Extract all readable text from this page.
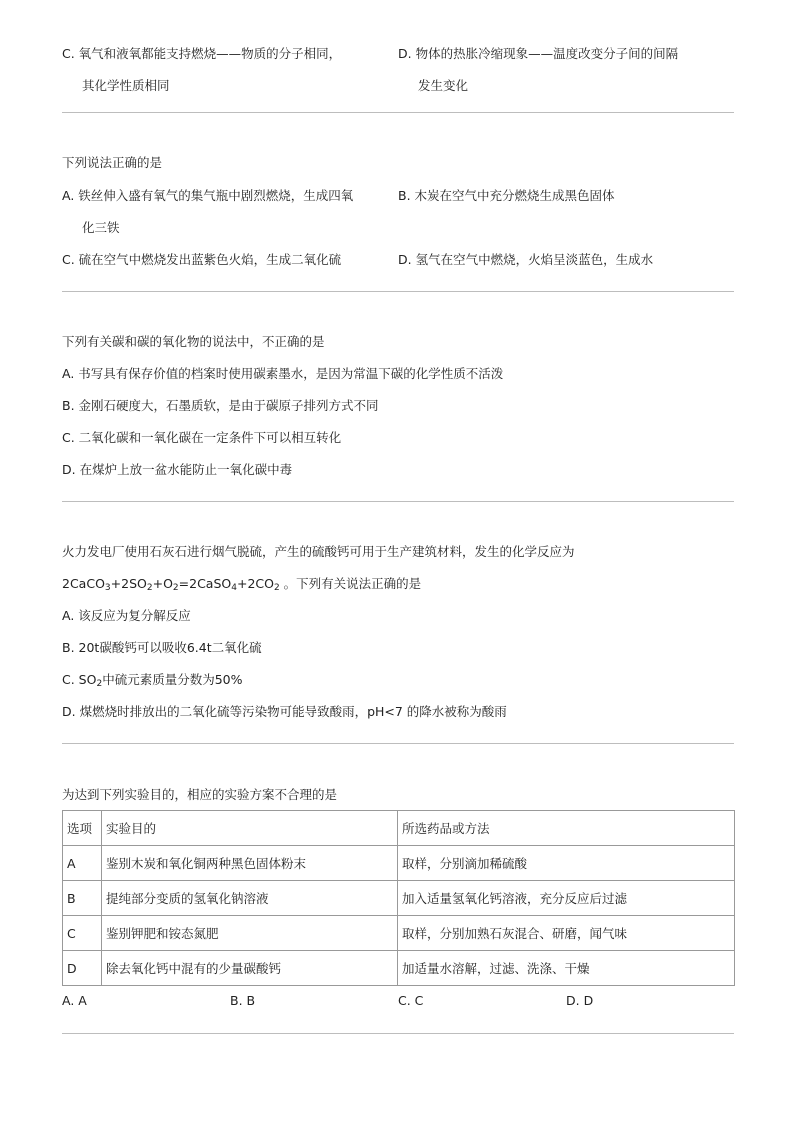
C. 氧气和液氧都能支持燃烧——物质的分子相同，
其化学性质相同
D. 物体的热胀冷缩现象——温度改变分子间的间隔
发生变化
下列说法正确的是
A. 铁丝伸入盛有氧气的集气瓶中剧烈燃烧，生成四氧
化三铁
B. 木炭在空气中充分燃烧生成黑色固体
C. 硫在空气中燃烧发出蓝紫色火焰，生成二氧化硫	D. 氢气在空气中燃烧，火焰呈淡蓝色，生成水
下列有关碳和碳的氧化物的说法中，不正确的是
A. 书写具有保存价值的档案时使用碳素墨水，是因为常温下碳的化学性质不活泼
B. 金刚石硬度大，石墨质软，是由于碳原子排列方式不同
C. 二氧化碳和一氧化碳在一定条件下可以相互转化
D. 在煤炉上放一盆水能防止一氧化碳中毒
火力发电厂使用石灰石进行烟气脱硫，产生的硫酸钙可用于生产建筑材料，发生的化学反应为
$2CaCO_3+2SO_2+O_2=2CaSO_4+2CO_2$ 。下列有关说法正确的是
A. 该反应为复分解反应
B. 20t碳酸钙可以吸收6.4t二氧化硫
C. $SO_2$中硫元素质量分数为50%
D. 煤燃烧时排放出的二氧化硫等污染物可能导致酸雨，pH<7 的降水被称为酸雨
为达到下列实验目的，相应的实验方案不合理的是
选项	实验目的	所选药品或方法
A	鉴别木炭和氧化铜两种黑色固体粉末	取样，分别滴加稀硫酸
B	提纯部分变质的氢氧化钠溶液	加入适量氢氧化钙溶液，充分反应后过滤
C	鉴别钾肥和铵态氮肥	取样，分别加熟石灰混合、研磨，闻气味
D	除去氧化钙中混有的少量碳酸钙	加适量水溶解，过滤、洗涤、干燥
A. A	B. B	C. C	D. D
